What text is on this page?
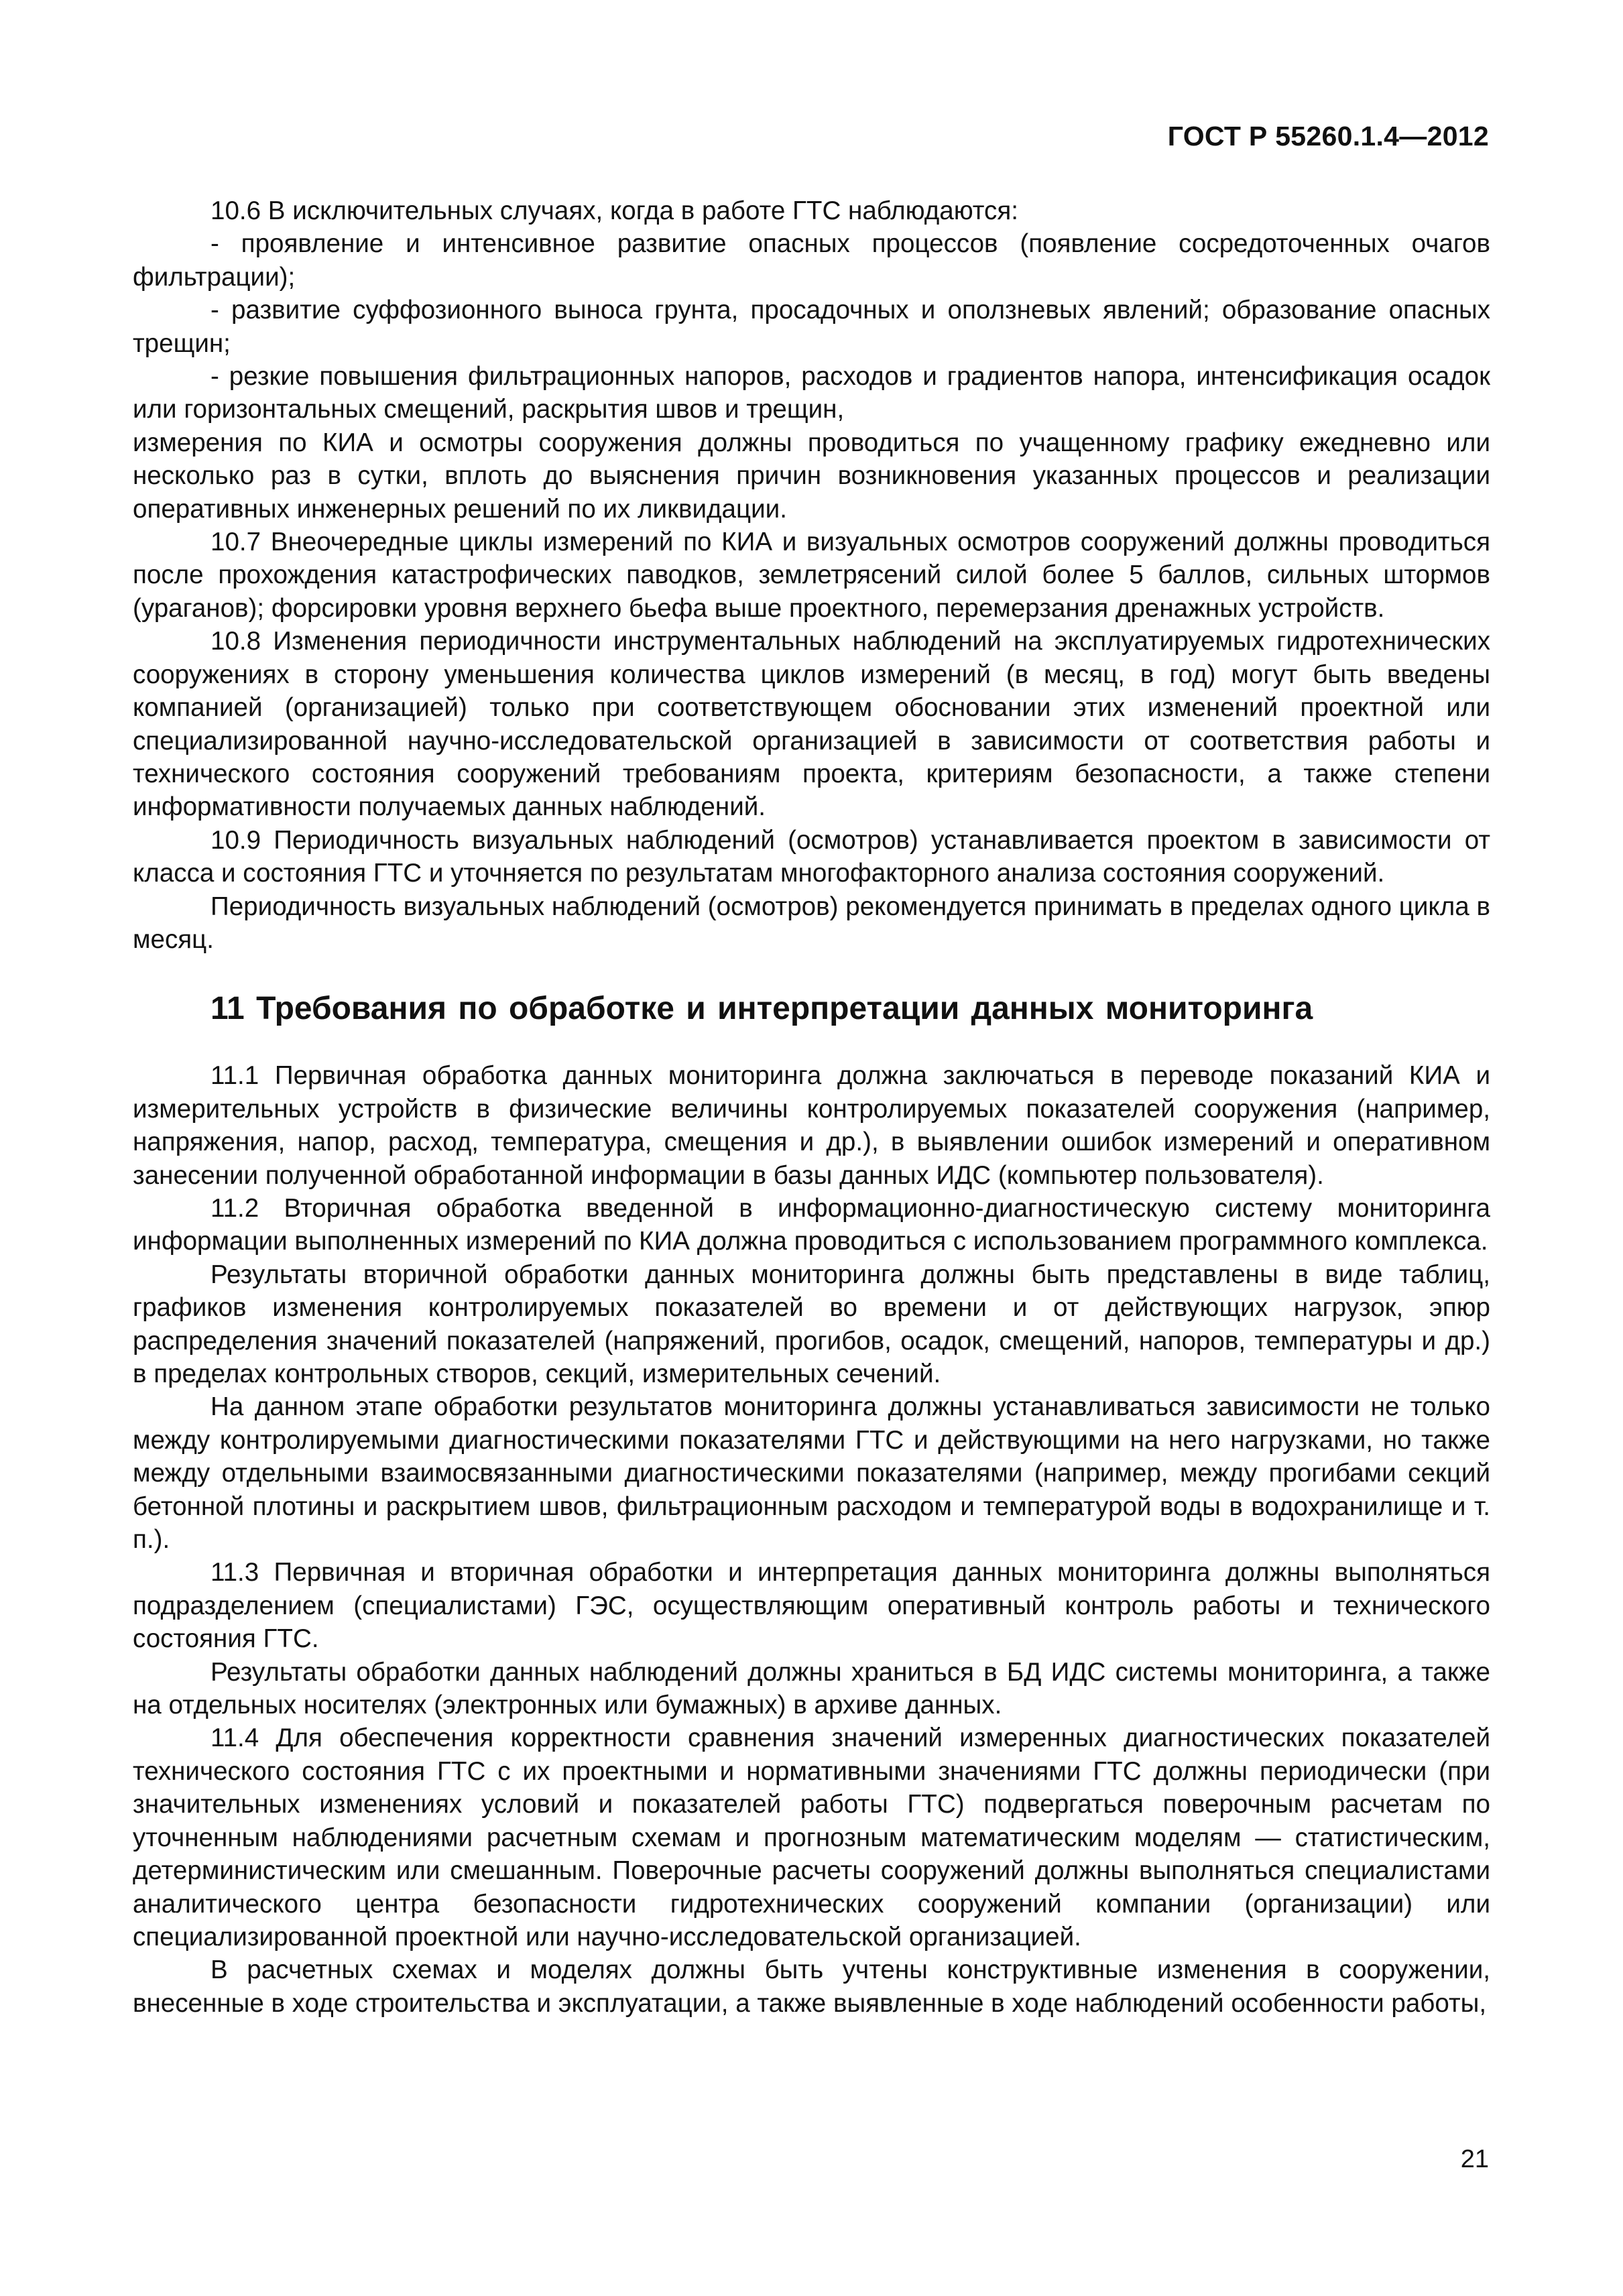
ГОСТ Р 55260.1.4—2012

10.6 В исключительных случаях, когда в работе ГТС наблюдаются:

- проявление и интенсивное развитие опасных процессов (появление сосредоточенных очагов фильтрации);

- развитие суффозионного выноса грунта, просадочных и оползневых явлений; образование опасных трещин;

- резкие повышения фильтрационных напоров, расходов и градиентов напора, интенсификация осадок или горизонтальных смещений, раскрытия швов и трещин,

измерения по КИА и осмотры сооружения должны проводиться по учащенному графику ежедневно или несколько раз в сутки, вплоть до выяснения причин возникновения указанных процессов и реализации оперативных инженерных решений по их ликвидации.

10.7 Внеочередные циклы измерений по КИА и визуальных осмотров сооружений должны проводиться после прохождения катастрофических паводков, землетрясений силой более 5 баллов, сильных штормов (ураганов); форсировки уровня верхнего бьефа выше проектного, перемерзания дренажных устройств.

10.8 Изменения периодичности инструментальных наблюдений на эксплуатируемых гидротехнических сооружениях в сторону уменьшения количества циклов измерений (в месяц, в год) могут быть введены компанией (организацией) только при соответствующем обосновании этих изменений проектной или специализированной научно-исследовательской организацией в зависимости от соответствия работы и технического состояния сооружений требованиям проекта, критериям безопасности, а также степени информативности получаемых данных наблюдений.

10.9 Периодичность визуальных наблюдений (осмотров) устанавливается проектом в зависимости от класса и состояния ГТС и уточняется по результатам многофакторного анализа состояния сооружений.

Периодичность визуальных наблюдений (осмотров) рекомендуется принимать в пределах одного цикла в месяц.

11 Требования по обработке и интерпретации данных мониторинга

11.1 Первичная обработка данных мониторинга должна заключаться в переводе показаний КИА и измерительных устройств в физические величины контролируемых показателей сооружения (например, напряжения, напор, расход, температура, смещения и др.), в выявлении ошибок измерений и оперативном занесении полученной обработанной информации в базы данных ИДС (компьютер пользователя).

11.2 Вторичная обработка введенной в информационно-диагностическую систему мониторинга информации выполненных измерений по КИА должна проводиться с использованием программного комплекса.

Результаты вторичной обработки данных мониторинга должны быть представлены в виде таблиц, графиков изменения контролируемых показателей во времени и от действующих нагрузок, эпюр распределения значений показателей (напряжений, прогибов, осадок, смещений, напоров, температуры и др.) в пределах контрольных створов, секций, измерительных сечений.

На данном этапе обработки результатов мониторинга должны устанавливаться зависимости не только между контролируемыми диагностическими показателями ГТС и действующими на него нагрузками, но также между отдельными взаимосвязанными диагностическими показателями (например, между прогибами секций бетонной плотины и раскрытием швов, фильтрационным расходом и температурой воды в водохранилище и т. п.).

11.3 Первичная и вторичная обработки и интерпретация данных мониторинга должны выполняться подразделением (специалистами) ГЭС, осуществляющим оперативный контроль работы и технического состояния ГТС.

Результаты обработки данных наблюдений должны храниться в БД ИДС системы мониторинга, а также на отдельных носителях (электронных или бумажных) в архиве данных.

11.4 Для обеспечения корректности сравнения значений измеренных диагностических показателей технического состояния ГТС с их проектными и нормативными значениями ГТС должны периодически (при значительных изменениях условий и показателей работы ГТС) подвергаться поверочным расчетам по уточненным наблюдениями расчетным схемам и прогнозным математическим моделям — статистическим, детерминистическим или смешанным. Поверочные расчеты сооружений должны выполняться специалистами аналитического центра безопасности гидротехнических сооружений компании (организации) или специализированной проектной или научно-исследовательской организацией.

В расчетных схемах и моделях должны быть учтены конструктивные изменения в сооружении, внесенные в ходе строительства и эксплуатации, а также выявленные в ходе наблюдений особенности работы,

21
